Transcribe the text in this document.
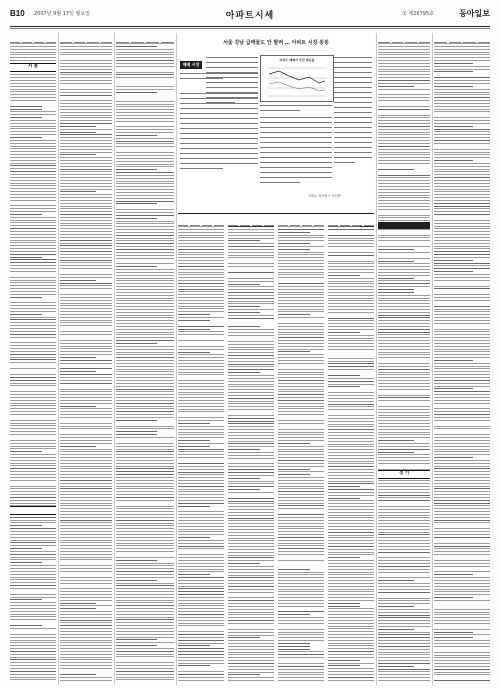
B10 2007년 9월 17일 월요일	아파트시세	① 제26795호	동아일보
서 울
경 기
서울 강남 급매물도 안 팔려 … 아파트 시장 꽁꽁
매매 시장
아파트 매매가 주간 변동률
고피오 지오빈스 도서만
